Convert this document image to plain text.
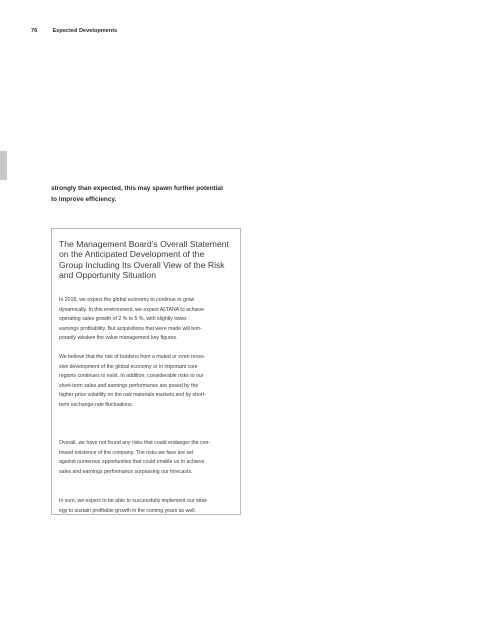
76	Expected Developments
strongly than expected, this may spawn further potential
to improve efficiency.
The Management Board’s Overall Statement
on the Anticipated Development of the
Group Including Its Overall View of the Risk
and Opportunity Situation
In 2018, we expect the global economy to continue to grow
dynamically. In this environment, we expect ALTANA to achieve
operating sales growth of 2 % to 5 %, with slightly lower
earnings profitability. But acquisitions that were made will tem-
porarily weaken the value management key figures.
We believe that the risk of burdens from a muted or even reces-
sive development of the global economy or in important core
regions continues to exist. In addition, considerable risks to our
short-term sales and earnings performance are posed by the
higher price volatility on the raw materials markets and by short-
term exchange-rate fluctuations.
Overall, we have not found any risks that could endanger the con-
tinued existence of the company. The risks we face are set
against numerous opportunities that could enable us to achieve
sales and earnings performance surpassing our forecasts.
In sum, we expect to be able to successfully implement our strat-
egy to sustain profitable growth in the coming years as well.
